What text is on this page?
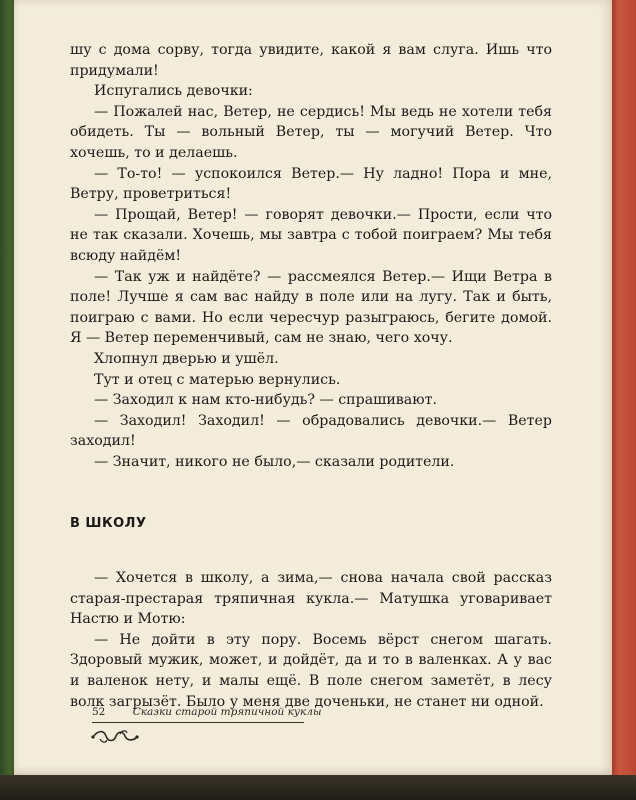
шу с дома сорву, тогда увидите, какой я вам слуга. Ишь что придумали!

Испугались девочки:

— Пожалей нас, Ветер, не сердись! Мы ведь не хотели тебя обидеть. Ты — вольный Ветер, ты — могучий Ветер. Что хочешь, то и делаешь.

— То-то! — успокоился Ветер.— Ну ладно! Пора и мне, Ветру, проветриться!

— Прощай, Ветер! — говорят девочки.— Прости, если что не так сказали. Хочешь, мы завтра с тобой поиграем? Мы тебя всюду найдём!

— Так уж и найдёте? — рассмеялся Ветер.— Ищи Ветра в поле! Лучше я сам вас найду в поле или на лугу. Так и быть, поиграю с вами. Но если чересчур разыграюсь, бегите домой. Я — Ветер переменчивый, сам не знаю, чего хочу.

Хлопнул дверью и ушёл.

Тут и отец с матерью вернулись.

— Заходил к нам кто-нибудь? — спрашивают.

— Заходил! Заходил! — обрадовались девочки.— Ветер заходил!

— Значит, никого не было,— сказали родители.

В ШКОЛУ

— Хочется в школу, а зима,— снова начала свой рассказ старая-престарая тряпичная кукла.— Матушка уговаривает Настю и Мотю:

— Не дойти в эту пору. Восемь вёрст снегом шагать. Здоровый мужик, может, и дойдёт, да и то в валенках. А у вас и валенок нету, и малы ещё. В поле снегом заметёт, в лесу волк загрызёт. Было у меня две доченьки, не станет ни одной.

52	Сказки старой тряпичной куклы
